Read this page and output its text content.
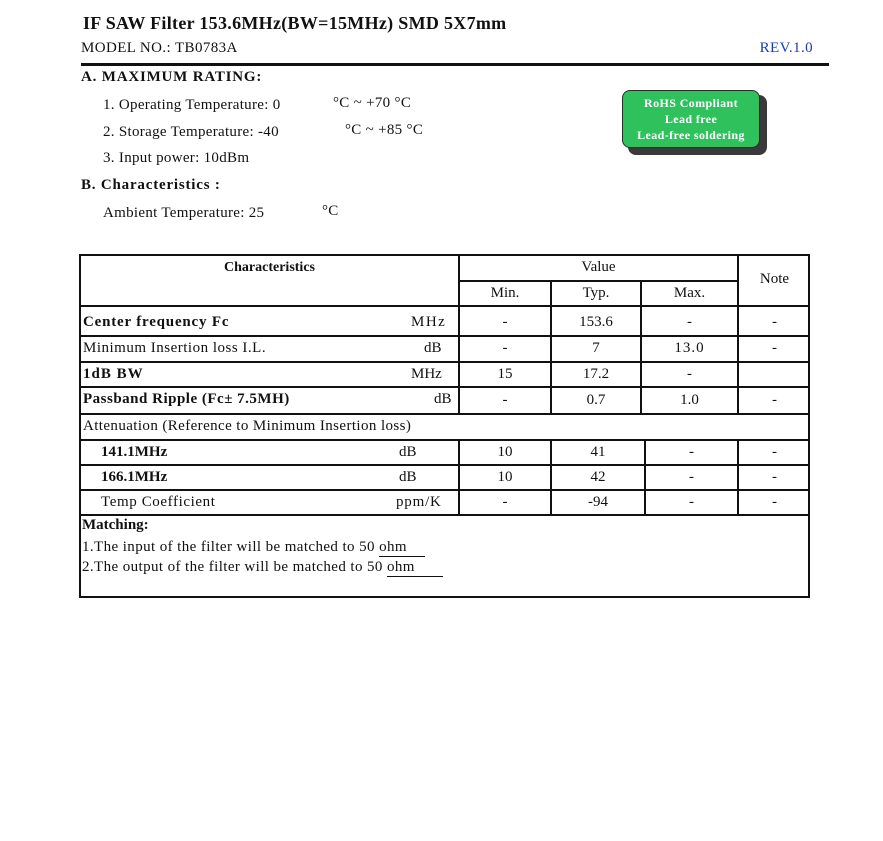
IF SAW Filter 153.6MHz(BW=15MHz) SMD 5X7mm
MODEL NO.: TB0783A	REV.1.0
A. MAXIMUM RATING:
1. Operating Temperature: 0	°C ~ +70 °C
2. Storage Temperature: -40	°C ~ +85 °C
3. Input power: 10dBm
RoHS Compliant
Lead free
Lead-free soldering
B. Characteristics :
Ambient Temperature: 25	°C
Characteristics	Value
Min.	Typ.	Max.
Note
Center frequency Fc	MHz	-	153.6	-	-
Minimum Insertion loss I.L.	dB	-	7	13.0	-
1dB BW	MHz	15	17.2	-
Passband Ripple (Fc± 7.5MH)	dB	-	0.7	1.0	-
Attenuation (Reference to Minimum Insertion loss)
141.1MHz	dB	10	41	-	-
166.1MHz	dB	10	42	-	-
Temp Coefficient	ppm/K	-	-94	-	-
Matching:
1.The input of the filter will be matched to 50 ohm
2.The output of the filter will be matched to 50 ohm
